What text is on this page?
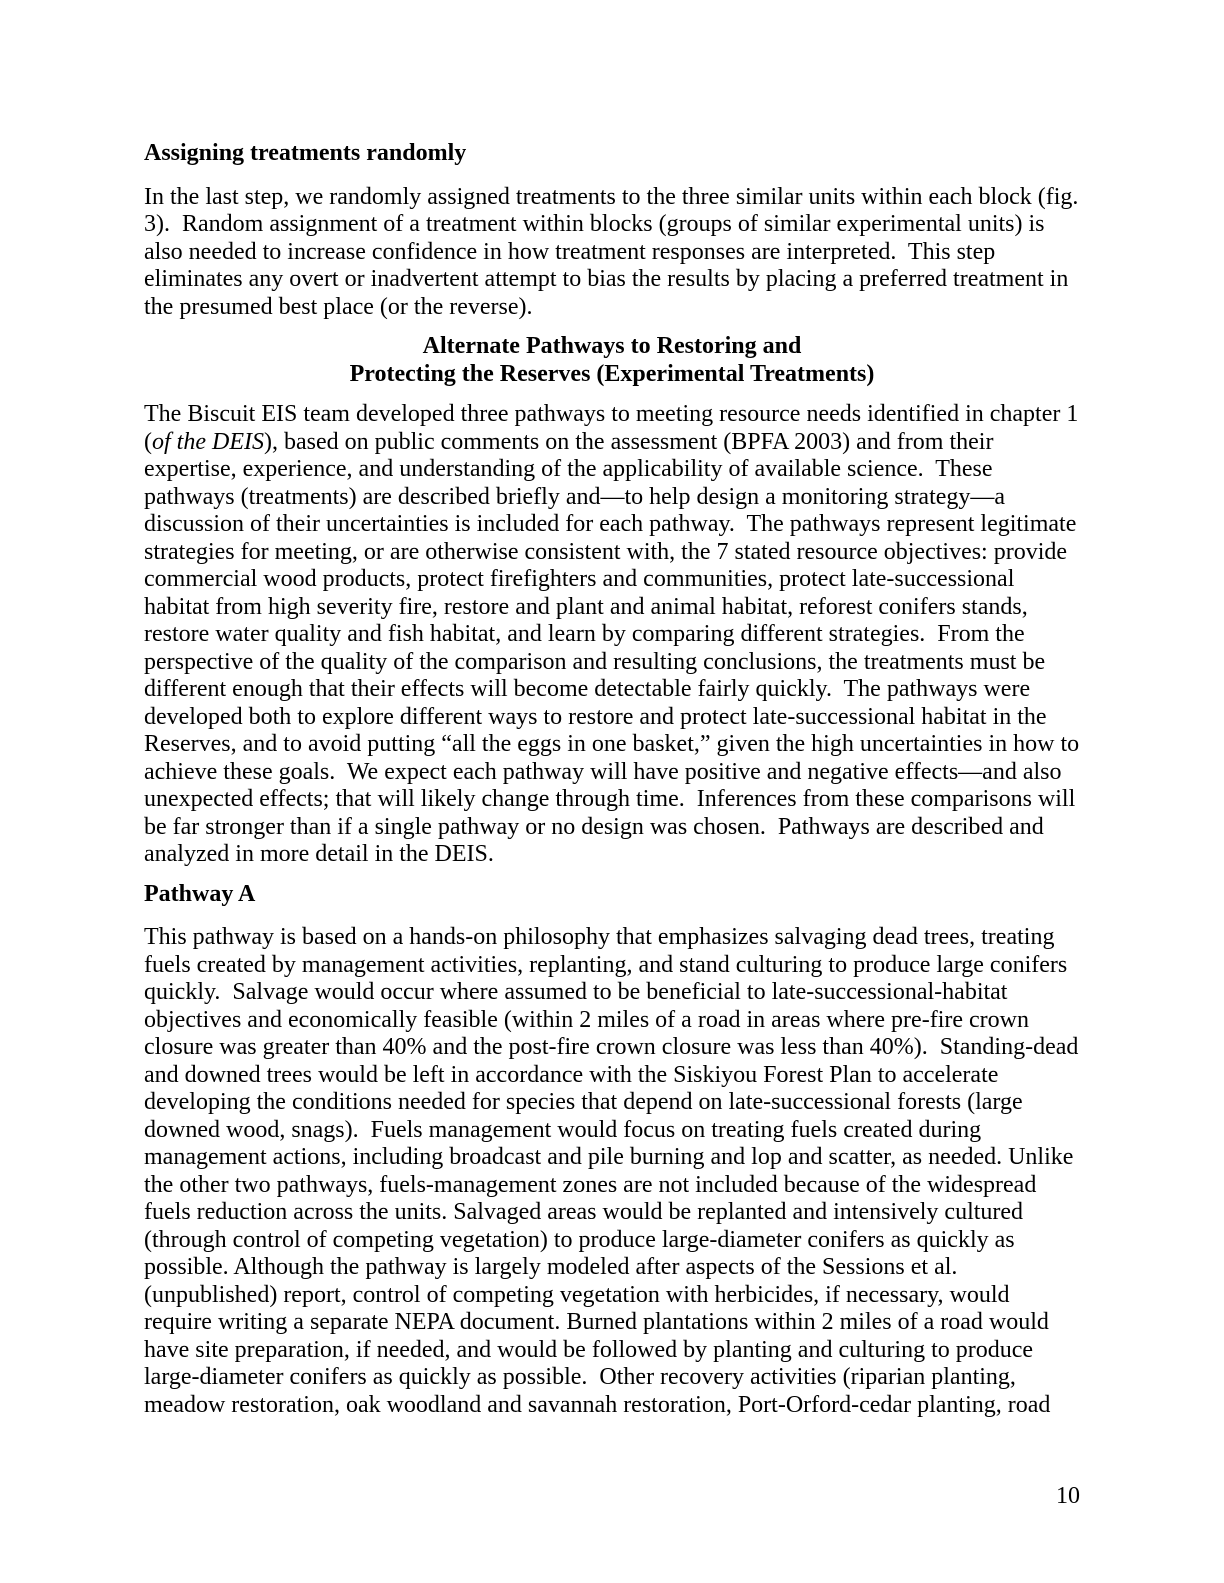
Assigning treatments randomly

In the last step, we randomly assigned treatments to the three similar units within each block (fig. 3).  Random assignment of a treatment within blocks (groups of similar experimental units) is also needed to increase confidence in how treatment responses are interpreted.  This step eliminates any overt or inadvertent attempt to bias the results by placing a preferred treatment in the presumed best place (or the reverse).

Alternate Pathways to Restoring and
Protecting the Reserves (Experimental Treatments)

The Biscuit EIS team developed three pathways to meeting resource needs identified in chapter 1 (of the DEIS), based on public comments on the assessment (BPFA 2003) and from their expertise, experience, and understanding of the applicability of available science.  These pathways (treatments) are described briefly and—to help design a monitoring strategy—a discussion of their uncertainties is included for each pathway.  The pathways represent legitimate strategies for meeting, or are otherwise consistent with, the 7 stated resource objectives: provide commercial wood products, protect firefighters and communities, protect late-successional habitat from high severity fire, restore and plant and animal habitat, reforest conifers stands, restore water quality and fish habitat, and learn by comparing different strategies.  From the perspective of the quality of the comparison and resulting conclusions, the treatments must be different enough that their effects will become detectable fairly quickly.  The pathways were developed both to explore different ways to restore and protect late-successional habitat in the Reserves, and to avoid putting “all the eggs in one basket,” given the high uncertainties in how to achieve these goals.  We expect each pathway will have positive and negative effects—and also unexpected effects; that will likely change through time.  Inferences from these comparisons will be far stronger than if a single pathway or no design was chosen.  Pathways are described and analyzed in more detail in the DEIS.

Pathway A

This pathway is based on a hands-on philosophy that emphasizes salvaging dead trees, treating fuels created by management activities, replanting, and stand culturing to produce large conifers quickly.  Salvage would occur where assumed to be beneficial to late-successional-habitat objectives and economically feasible (within 2 miles of a road in areas where pre-fire crown closure was greater than 40% and the post-fire crown closure was less than 40%).  Standing-dead and downed trees would be left in accordance with the Siskiyou Forest Plan to accelerate developing the conditions needed for species that depend on late-successional forests (large downed wood, snags).  Fuels management would focus on treating fuels created during management actions, including broadcast and pile burning and lop and scatter, as needed. Unlike the other two pathways, fuels-management zones are not included because of the widespread fuels reduction across the units. Salvaged areas would be replanted and intensively cultured (through control of competing vegetation) to produce large-diameter conifers as quickly as possible. Although the pathway is largely modeled after aspects of the Sessions et al. (unpublished) report, control of competing vegetation with herbicides, if necessary, would require writing a separate NEPA document. Burned plantations within 2 miles of a road would have site preparation, if needed, and would be followed by planting and culturing to produce large-diameter conifers as quickly as possible.  Other recovery activities (riparian planting, meadow restoration, oak woodland and savannah restoration, Port-Orford-cedar planting, road

10
